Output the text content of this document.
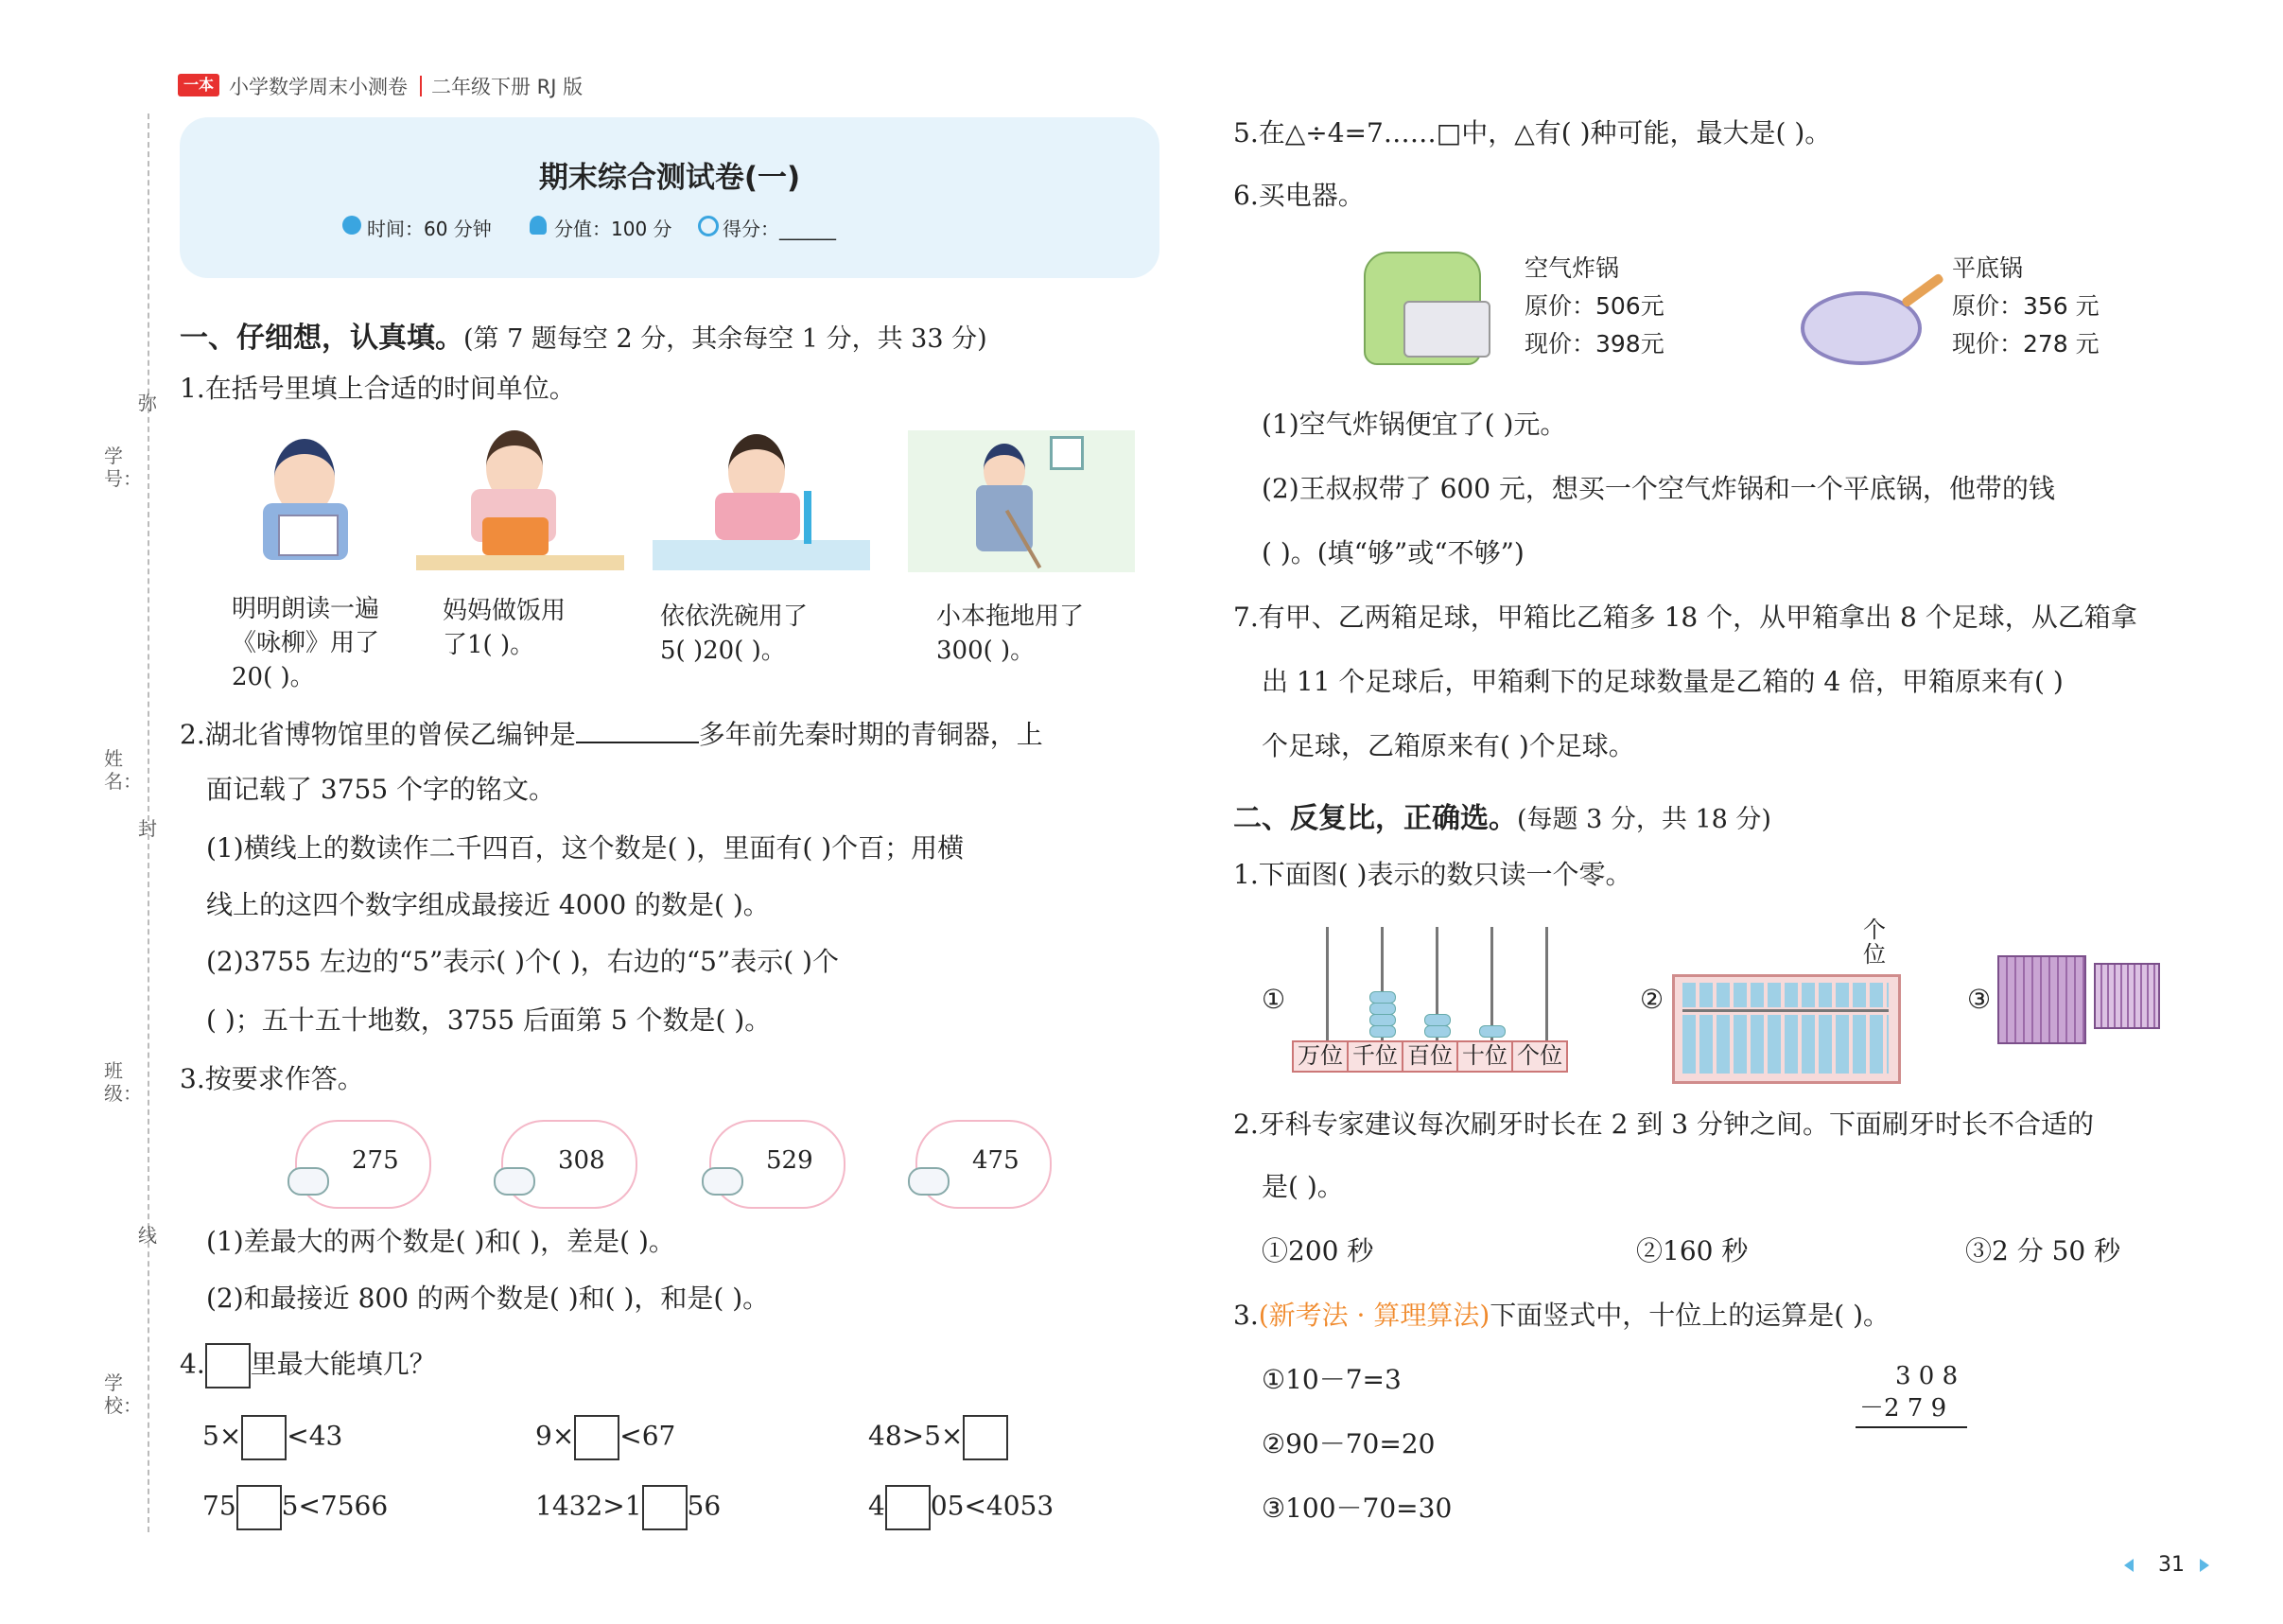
一本 小学数学周末小测卷 二年级下册 RJ 版
弥
学号：
姓名：
封
班级：
线
学校：
期末综合测试卷(一)
时间：60 分钟	分值：100 分	得分：______
一、仔细想，认真填。(第 7 题每空 2 分，其余每空 1 分，共 33 分)
1.在括号里填上合适的时间单位。
明明朗读一遍
《咏柳》用了
20( )。
妈妈做饭用
了1( )。
依依洗碗用了
5( )20( )。
小本拖地用了
300( )。
2.湖北省博物馆里的曾侯乙编钟是	多年前先秦时期的青铜器，上
面记载了 3755 个字的铭文。
(1)横线上的数读作二千四百，这个数是( )，里面有( )个百；用横
线上的这四个数字组成最接近 4000 的数是( )。
(2)3755 左边的“5”表示( )个( )，右边的“5”表示( )个
( )；五十五十地数，3755 后面第 5 个数是( )。
3.按要求作答。
275	308	529	475
(1)差最大的两个数是( )和( )，差是( )。
(2)和最接近 800 的两个数是( )和( )，和是( )。
4. 里最大能填几？
5× <43	9× <67	48>5×
75 5<7566	1432>1 56	4 05<4053
5.在△÷4=7……□中，△有( )种可能，最大是( )。
6.买电器。
空气炸锅
原价：506元
现价：398元
平底锅
原价：356 元
现价：278 元
(1)空气炸锅便宜了( )元。
(2)王叔叔带了 600 元，想买一个空气炸锅和一个平底锅，他带的钱
( )。(填“够”或“不够”)
7.有甲、乙两箱足球，甲箱比乙箱多 18 个，从甲箱拿出 8 个足球，从乙箱拿
出 11 个足球后，甲箱剩下的足球数量是乙箱的 4 倍，甲箱原来有( )
个足球，乙箱原来有( )个足球。
二、反复比，正确选。(每题 3 分，共 18 分)
1.下面图( )表示的数只读一个零。
①
万位 千位 百位 十位 个位
②
个
位
③
2.牙科专家建议每次刷牙时长在 2 到 3 分钟之间。下面刷牙时长不合适的
是( )。
①200 秒	②160 秒	③2 分 50 秒
3.(新考法 · 算理算法)下面竖式中，十位上的运算是( )。
①10－7=3
②90－70=20
③100－70=30
3 0 8
－2 7 9
31
